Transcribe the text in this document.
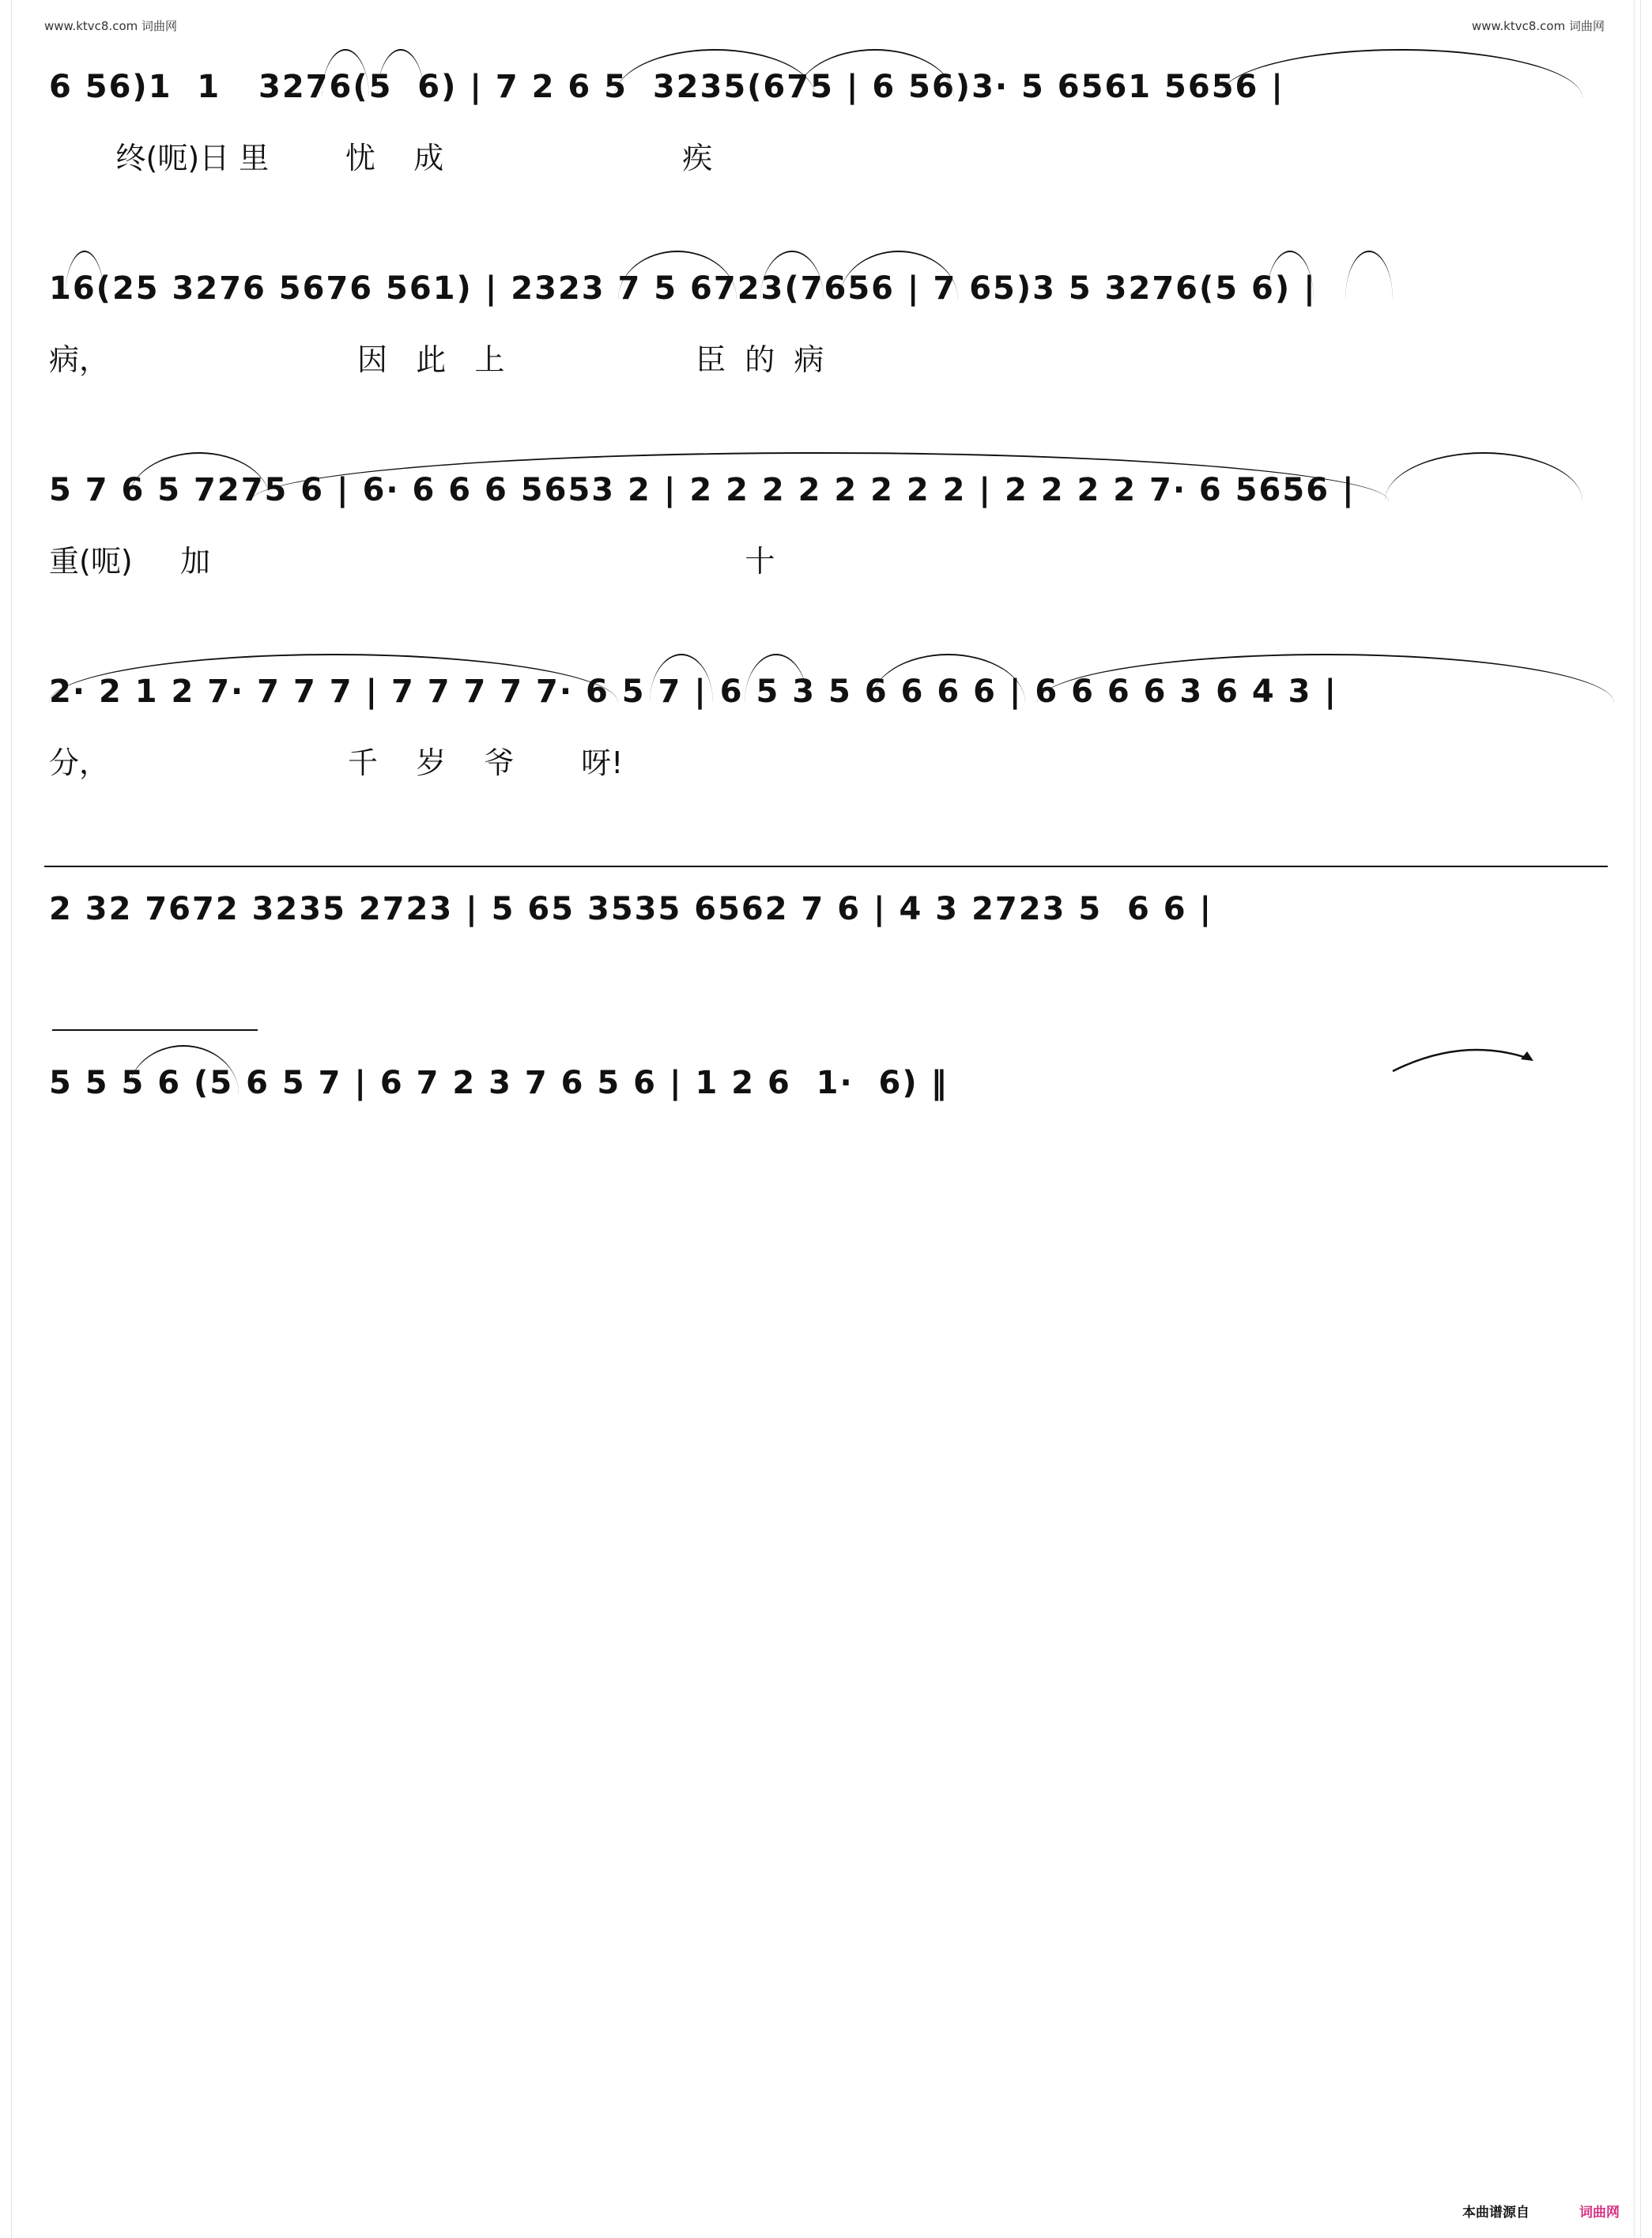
www.ktvc8.com 词曲网	www.ktvc8.com 词曲网
6 56)1  1   3276(5  6) | 7 2 6 5  3235(675 | 6 56)3· 5 6561 5656 |
终(呃)日 里        忧    成                         疾
16(25 3276 5676 561) | 2323 7 5 6723(7656 | 7 65)3 5 3276(5 6) |
病，                          因   此   上                    臣  的  病
5 7 6 5 7275 6 | 6· 6 6 6 5653 2 | 2 2 2 2 2 2 2 2 | 2 2 2 2 7· 6 5656 |
重(呃)     加                                                        十
2· 2 1 2 7· 7 7 7 | 7 7 7 7 7· 6 5 7 | 6 5 3 5 6 6 6 6 | 6 6 6 6 3 6 4 3 |
分，                         千    岁    爷       呀!
2 32 7672 3235 2723 | 5 65 3535 6562 7 6 | 4 3 2723 5  6 6 |
5 5 5 6 (5 6 5 7 | 6 7 2 3 7 6 5 6 | 1 2 6  1·  6) ‖
本曲谱源自	词曲网
